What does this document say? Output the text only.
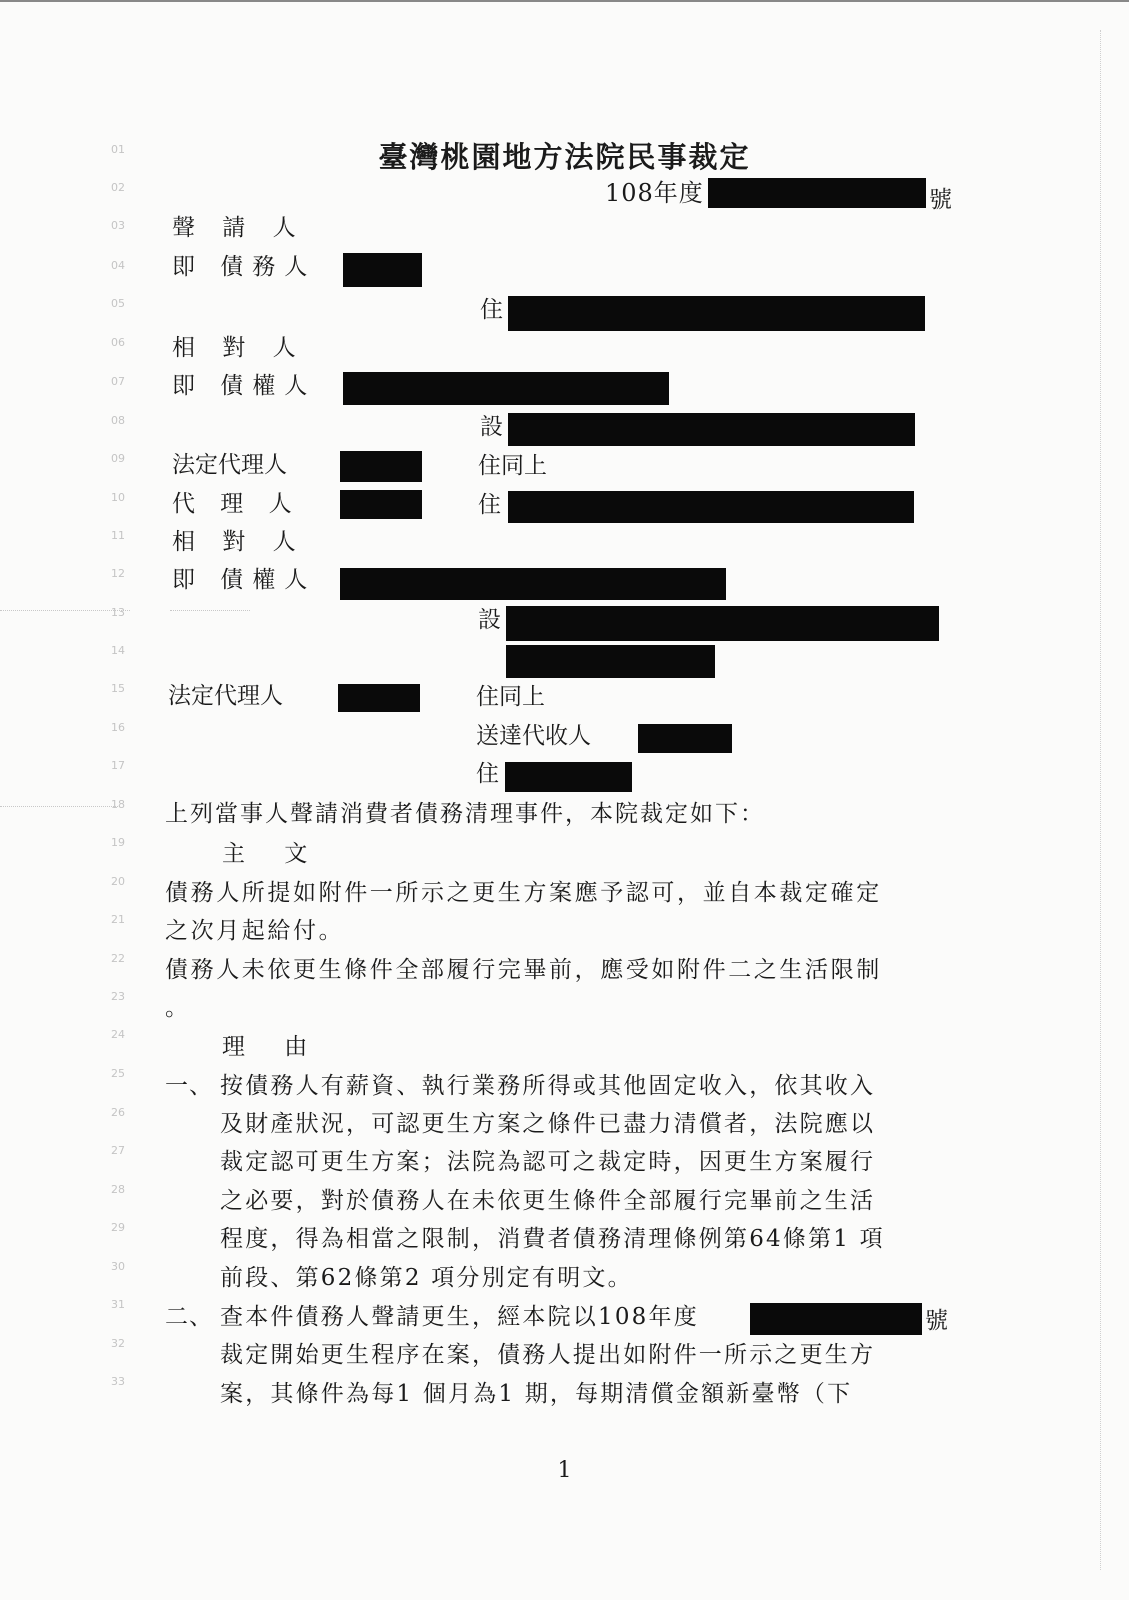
01
02
03
04
05
06
07
08
09
10
11
12
13
14
15
16
17
18
19
20
21
22
23
24
25
26
27
28
29
30
31
32
33
臺灣桃園地方法院民事裁定
108年度	號
聲 請 人
即 債務人
住
相 對 人
即 債權人
設
法定代理人	住同上
代 理 人	住
相 對 人
即 債權人
設
法定代理人	住同上
送達代收人
住
上列當事人聲請消費者債務清理事件，本院裁定如下：
主 文
債務人所提如附件一所示之更生方案應予認可，並自本裁定確定
之次月起給付。
債務人未依更生條件全部履行完畢前，應受如附件二之生活限制
。
理 由
一、 按債務人有薪資、執行業務所得或其他固定收入，依其收入
及財產狀況，可認更生方案之條件已盡力清償者，法院應以
裁定認可更生方案；法院為認可之裁定時，因更生方案履行
之必要，對於債務人在未依更生條件全部履行完畢前之生活
程度，得為相當之限制，消費者債務清理條例第64條第1 項
前段、第62條第2 項分別定有明文。
二、 查本件債務人聲請更生，經本院以108年度	號
裁定開始更生程序在案，債務人提出如附件一所示之更生方
案，其條件為每1 個月為1 期，每期清償金額新臺幣（下
1
